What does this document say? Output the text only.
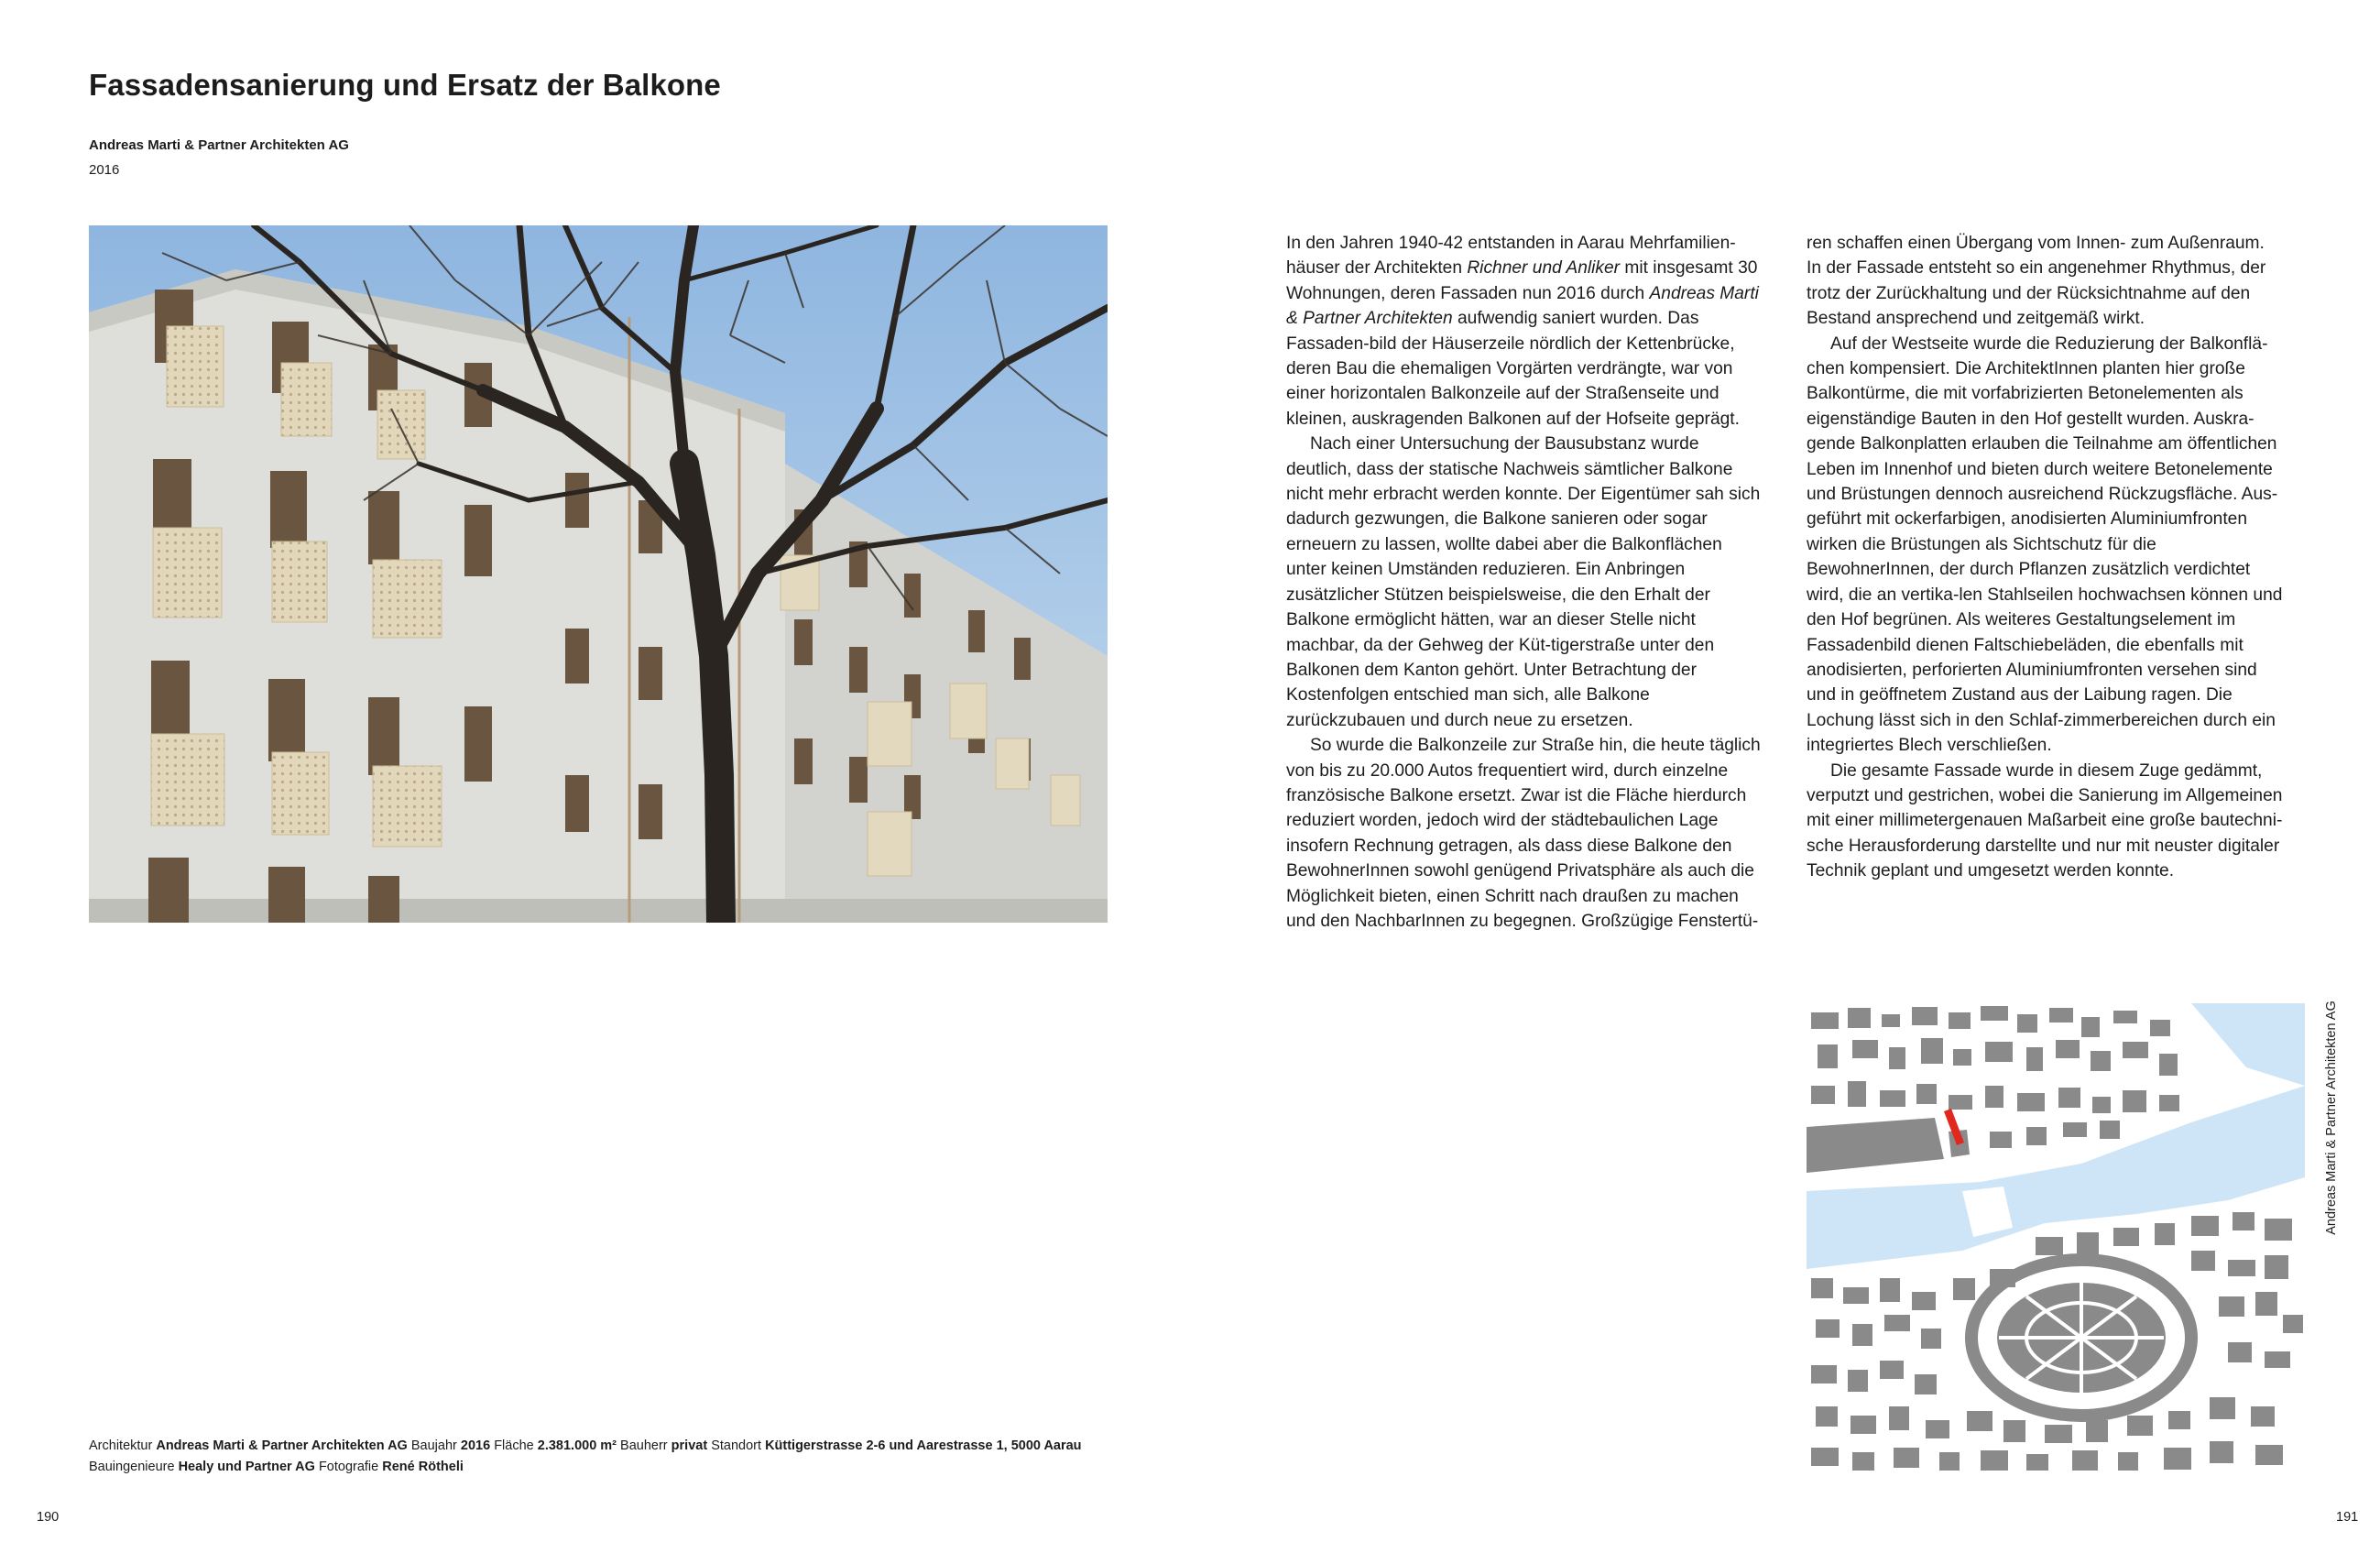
Fassadensanierung und Ersatz der Balkone
Andreas Marti & Partner Architekten AG
2016

In den Jahren 1940-42 entstanden in Aarau Mehrfamilien-häuser der Architekten Richner und Anliker mit insgesamt 30 Wohnungen, deren Fassaden nun 2016 durch Andreas Marti & Partner Architekten aufwendig saniert wurden. Das Fassaden-bild der Häuserzeile nördlich der Kettenbrücke, deren Bau die ehemaligen Vorgärten verdrängte, war von einer horizontalen Balkonzeile auf der Straßenseite und kleinen, auskragenden Balkonen auf der Hofseite geprägt.

Nach einer Untersuchung der Bausubstanz wurde deutlich, dass der statische Nachweis sämtlicher Balkone nicht mehr erbracht werden konnte. Der Eigentümer sah sich dadurch gezwungen, die Balkone sanieren oder sogar erneuern zu lassen, wollte dabei aber die Balkonflächen unter keinen Umständen reduzieren. Ein Anbringen zusätzlicher Stützen beispielsweise, die den Erhalt der Balkone ermöglicht hätten, war an dieser Stelle nicht machbar, da der Gehweg der Küt-tigerstraße unter den Balkonen dem Kanton gehört. Unter Betrachtung der Kostenfolgen entschied man sich, alle Balkone zurückzubauen und durch neue zu ersetzen.

So wurde die Balkonzeile zur Straße hin, die heute täglich von bis zu 20.000 Autos frequentiert wird, durch einzelne französische Balkone ersetzt. Zwar ist die Fläche hierdurch reduziert worden, jedoch wird der städtebaulichen Lage insofern Rechnung getragen, als dass diese Balkone den BewohnerInnen sowohl genügend Privatsphäre als auch die Möglichkeit bieten, einen Schritt nach draußen zu machen und den NachbarInnen zu begegnen. Großzügige Fenstertü-

ren schaffen einen Übergang vom Innen- zum Außenraum. In der Fassade entsteht so ein angenehmer Rhythmus, der trotz der Zurückhaltung und der Rücksichtnahme auf den Bestand ansprechend und zeitgemäß wirkt.

Auf der Westseite wurde die Reduzierung der Balkonflä-chen kompensiert. Die ArchitektInnen planten hier große Balkontürme, die mit vorfabrizierten Betonelementen als eigenständige Bauten in den Hof gestellt wurden. Auskra-gende Balkonplatten erlauben die Teilnahme am öffentlichen Leben im Innenhof und bieten durch weitere Betonelemente und Brüstungen dennoch ausreichend Rückzugsfläche. Aus-geführt mit ockerfarbigen, anodisierten Aluminiumfronten wirken die Brüstungen als Sichtschutz für die BewohnerInnen, der durch Pflanzen zusätzlich verdichtet wird, die an vertika-len Stahlseilen hochwachsen können und den Hof begrünen. Als weiteres Gestaltungselement im Fassadenbild dienen Faltschiebeläden, die ebenfalls mit anodisierten, perforierten Aluminiumfronten versehen sind und in geöffnetem Zustand aus der Laibung ragen. Die Lochung lässt sich in den Schlaf-zimmerbereichen durch ein integriertes Blech verschließen.

Die gesamte Fassade wurde in diesem Zuge gedämmt, verputzt und gestrichen, wobei die Sanierung im Allgemeinen mit einer millimetergenauen Maßarbeit eine große bautechni-sche Herausforderung darstellte und nur mit neuster digitaler Technik geplant und umgesetzt werden konnte.

Architektur Andreas Marti & Partner Architekten AG Baujahr 2016 Fläche 2.381.000 m² Bauherr privat Standort Küttigerstrasse 2-6 und Aarestrasse 1, 5000 Aarau
Bauingenieure Healy und Partner AG Fotografie René Rötheli
Andreas Marti & Partner Architekten AG
190	191
